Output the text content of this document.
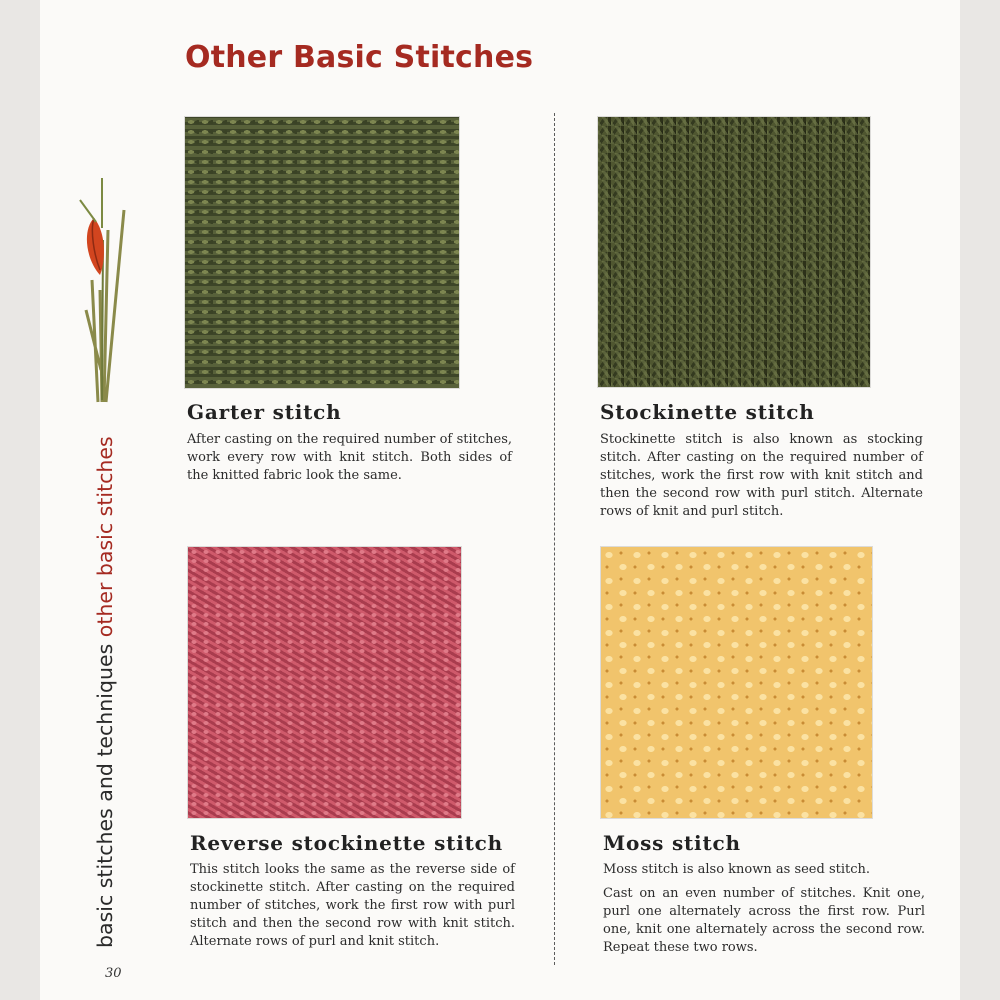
Other Basic Stitches
Garter stitch

After casting on the required number of stitches, work every row with knit stitch. Both sides of the knitted fabric look the same.

Stockinette stitch

Stockinette stitch is also known as stocking stitch. After casting on the required number of stitches, work the first row with knit stitch and then the second row with purl stitch. Alternate rows of knit and purl stitch.

Reverse stockinette stitch

This stitch looks the same as the reverse side of stockinette stitch. After casting on the required number of stitches, work the first row with purl stitch and then the second row with knit stitch. Alternate rows of purl and knit stitch.

Moss stitch

Moss stitch is also known as seed stitch.

Cast on an even number of stitches. Knit one, purl one alternately across the first row. Purl one, knit one alternately across the second row. Repeat these two rows.

basic stitches and techniques other basic stitches
30
